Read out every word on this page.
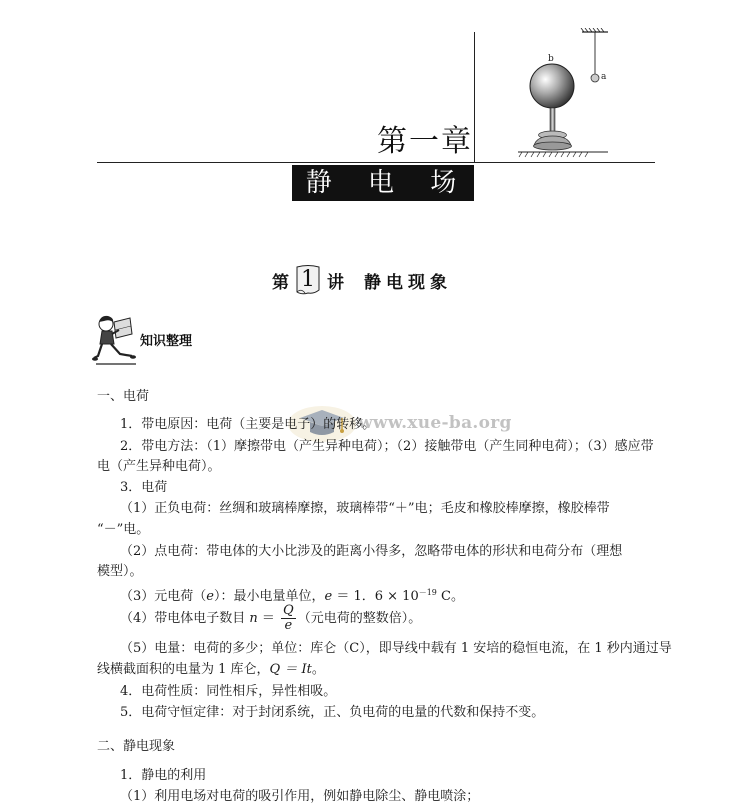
a
b
第一章
静 电 场
第 1 讲 静电现象
知识整理
www.xue-ba.org
一、电荷
1．带电原因：电荷（主要是电子）的转移。
2．带电方法：（1）摩擦带电（产生异种电荷）；（2）接触带电（产生同种电荷）；（3）感应带
电（产生异种电荷）。
3．电荷
（1）正负电荷：丝绸和玻璃棒摩擦，玻璃棒带“＋”电；毛皮和橡胶棒摩擦，橡胶棒带
“－”电。
（2）点电荷：带电体的大小比涉及的距离小得多，忽略带电体的形状和电荷分布（理想
模型）。
（3）元电荷（e）：最小电量单位，e ＝ 1．$6 \times 10^{-19}$ C。
（4）带电体电子数目 $n = \frac{Q}{e}$ （元电荷的整数倍）。
（5）电量：电荷的多少；单位：库仑（C），即导线中载有 1 安培的稳恒电流，在 1 秒内通过导
线横截面积的电量为 1 库仑，Q ＝ It。
4．电荷性质：同性相斥，异性相吸。
5．电荷守恒定律：对于封闭系统，正、负电荷的电量的代数和保持不变。
二、静电现象
1．静电的利用
（1）利用电场对电荷的吸引作用，例如静电除尘、静电喷涂；
